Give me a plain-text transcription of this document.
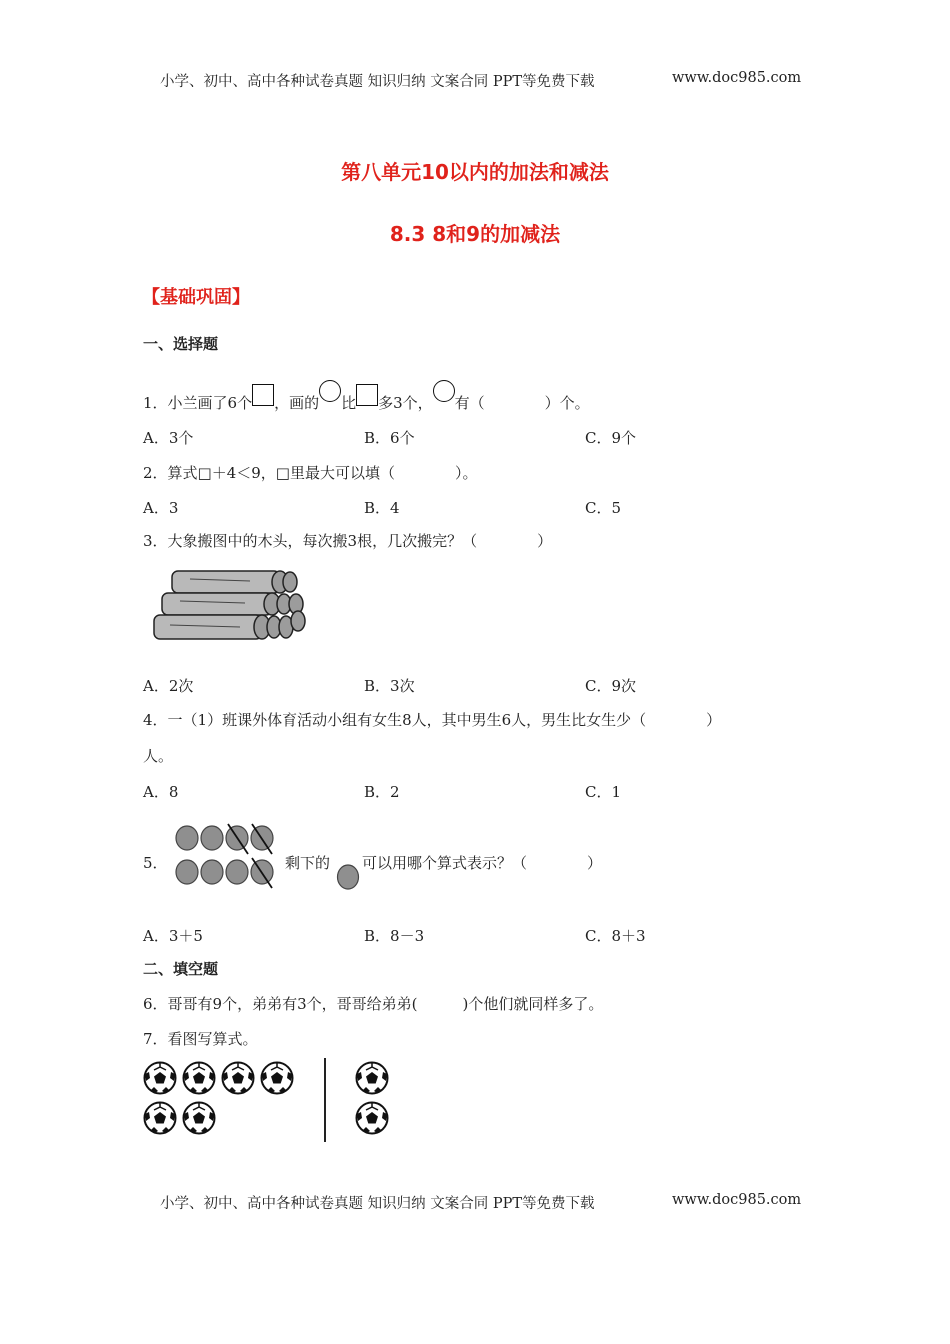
小学、初中、高中各种试卷真题 知识归纳 文案合同 PPT等免费下载	www.doc985.com
第八单元10以内的加法和减法
8.3 8和9的加减法
【基础巩固】
一、选择题
1．小兰画了6个 ，画的 比 多3个， 有（　　　　）个。
A．3个	B．6个	C．9个
2．算式□＋4＜9，□里最大可以填（　　　　）。
A．3	B．4	C．5
3．大象搬图中的木头，每次搬3根，几次搬完？（　　　　）
A．2次	B．3次	C．9次
4．一（1）班课外体育活动小组有女生8人，其中男生6人，男生比女生少（　　　　）
人。
A．8	B．2	C．1
5．	剩下的 可以用哪个算式表示？（　　　　）
A．3＋5	B．8－3	C．8＋3
二、填空题
6．哥哥有9个，弟弟有3个，哥哥给弟弟(　　　)个他们就同样多了。
7．看图写算式。
小学、初中、高中各种试卷真题 知识归纳 文案合同 PPT等免费下载	www.doc985.com
